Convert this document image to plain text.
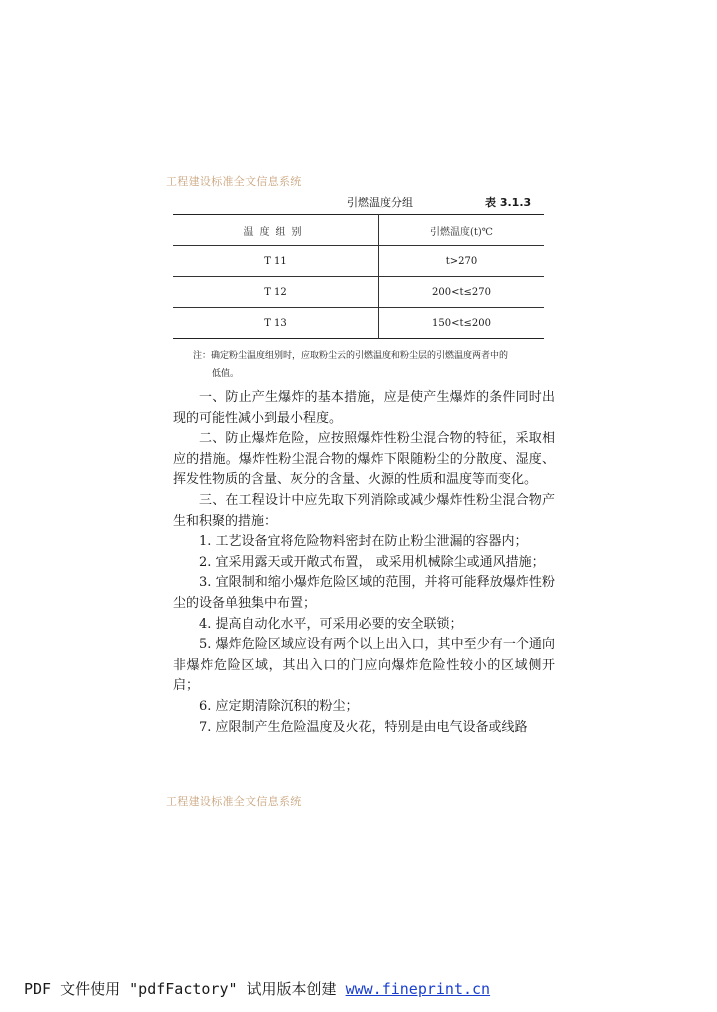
工程建设标准全文信息系统
引燃温度分组	表 3.1.3
温度组别	引燃温度(t)℃
T 11	t>270
T 12	200<t≤270
T 13	150<t≤200
注：确定粉尘温度组别时，应取粉尘云的引燃温度和粉尘层的引燃温度两者中的
低值。

一、防止产生爆炸的基本措施，应是使产生爆炸的条件同时出现的可能性减小到最小程度。

二、防止爆炸危险，应按照爆炸性粉尘混合物的特征，采取相应的措施。爆炸性粉尘混合物的爆炸下限随粉尘的分散度、湿度、挥发性物质的含量、灰分的含量、火源的性质和温度等而变化。

三、在工程设计中应先取下列消除或减少爆炸性粉尘混合物产生和积聚的措施：

1. 工艺设备宜将危险物料密封在防止粉尘泄漏的容器内；

2. 宜采用露天或开敞式布置， 或采用机械除尘或通风措施；

3. 宜限制和缩小爆炸危险区域的范围，并将可能释放爆炸性粉尘的设备单独集中布置；

4. 提高自动化水平，可采用必要的安全联锁；

5. 爆炸危险区域应设有两个以上出入口，其中至少有一个通向非爆炸危险区域，其出入口的门应向爆炸危险性较小的区域侧开启；

6. 应定期清除沉积的粉尘；

7. 应限制产生危险温度及火花，特别是由电气设备或线路

工程建设标准全文信息系统
PDF 文件使用 "pdfFactory" 试用版本创建 www.fineprint.cn
